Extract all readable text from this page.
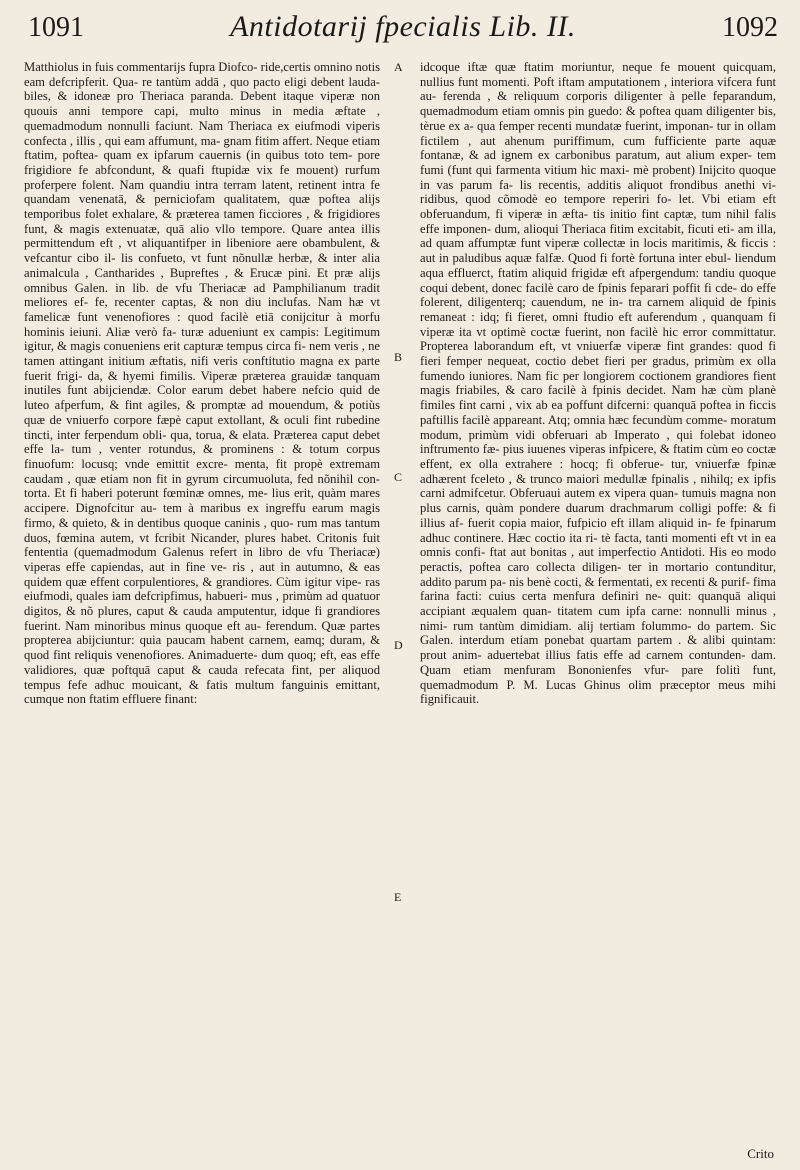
1091	Antidotarij fpecialis Lib. II.	1092

Matthiolus in fuis commentarijs fupra Diofco- ride,certis omnino notis eam defcripferit. Qua- re tantùm addā , quo pacto eligi debent lauda- biles, & idoneæ pro Theriaca paranda. Debent itaque viperæ non quouis anni tempore capi, multo minus in media æftate , quemadmodum nonnulli faciunt. Nam Theriaca ex eiufmodi viperis confecta , illis , qui eam affumunt, ma- gnam fitim affert. Neque etiam ftatim, poftea- quam ex ipfarum cauernis (in quibus toto tem- pore frigidiore fe abfcondunt, & quafi ftupidæ vix fe mouent) rurfum proferpere folent. Nam quandiu intra terram latent, retinent intra fe quandam venenatā, & perniciofam qualitatem, quæ poftea alijs temporibus folet exhalare, & præterea tamen ficciores , & frigidiores funt, & magis extenuatæ, quā alio vllo tempore. Quare antea illis permittendum eft , vt aliquantifper in libeniore aere obambulent, & vefcantur cibo il- lis confueto, vt funt nõnullæ herbæ, & inter alia animalcula , Cantharides , Bupreftes , & Erucæ pini. Et præ alijs omnibus Galen. in lib. de vfu Theriacæ ad Pamphilianum tradit meliores ef- fe, recenter captas, & non diu inclufas. Nam hæ vt famelicæ funt venenofiores : quod facilè etiā conijcitur à morfu hominis ieiuni. Aliæ verò fa- turæ adueniunt ex campis: Legitimum igitur, & magis conueniens erit capturæ tempus circa fi- nem veris , ne tamen attingant initium æftatis, nifi veris conftitutio magna ex parte fuerit frigi- da, & hyemi fimilis. Viperæ præterea grauidæ tanquam inutiles funt abijciendæ. Color earum debet habere nefcio quid de luteo afperfum, & fint agiles, & promptæ ad mouendum, & potiùs quæ de vniuerfo corpore fæpè caput extollant, & oculi fint rubedine tincti, inter ferpendum obli- qua, torua, & elata. Præterea caput debet effe la- tum , venter rotundus, & prominens : & totum corpus finuofum: locusq; vnde emittit excre- menta, fit propè extremam caudam , quæ etiam non fit in gyrum circumuoluta, fed nõnihil con- torta. Et fi haberi poterunt fœminæ omnes, me- lius erit, quàm mares accipere. Dignofcitur au- tem à maribus ex ingreffu earum magis firmo, & quieto, & in dentibus quoque caninis , quo- rum mas tantum duos, fœmina autem, vt fcribit Nicander, plures habet. Critonis fuit fententia (quemadmodum Galenus refert in libro de vfu Theriacæ) viperas effe capiendas, aut in fine ve- ris , aut in autumno, & eas quidem quæ effent corpulentiores, & grandiores. Cùm igitur vipe- ras eiufmodi, quales iam defcripfimus, habueri- mus , primùm ad quatuor digitos, & nõ plures, caput & cauda amputentur, idque fi grandiores fuerint. Nam minoribus minus quoque eft au- ferendum. Quæ partes propterea abijciuntur: quia paucam habent carnem, eamq; duram, & quod fint reliquis venenofiores. Animaduerte- dum quoq; eft, eas effe validiores, quæ poftquā caput & cauda refecata fint, per aliquod tempus fefe adhuc mouicant, & fatis multum fanguinis emittant, cumque non ftatim effluere finant:

A
B
C
D
E

idcoque iftæ quæ ftatim moriuntur, neque fe mouent quicquam, nullius funt momenti. Poft iftam amputationem , interiora vifcera funt au- ferenda , & reliquum corporis diligenter à pelle feparandum, quemadmodum etiam omnis pin guedo: & poftea quam diligenter bis, tèrue ex a- qua femper recenti mundatæ fuerint, imponan- tur in ollam fictilem , aut ahenum puriffimum, cum fufficiente parte aquæ fontanæ, & ad ignem ex carbonibus paratum, aut alium exper- tem fumi (funt qui farmenta vitium hic maxi- mè probent) Inijcito quoque in vas parum fa- lis recentis, additis aliquot frondibus anethi vi- ridibus, quod cõmodè eo tempore reperiri fo- let. Vbi etiam eft obferuandum, fi viperæ in æfta- tis initio fint captæ, tum nihil falis effe imponen- dum, alioqui Theriaca fitim excitabit, ficuti eti- am illa, ad quam affumptæ funt viperæ collectæ in locis maritimis, & ficcis : aut in paludibus aquæ falfæ. Quod fi fortè fortuna inter ebul- liendum aqua effluerct, ftatim aliquid frigidæ eft afpergendum: tandiu quoque coqui debent, donec facilè caro de fpinis feparari poffit fi cde- do effe folerent, diligenterq; cauendum, ne in- tra carnem aliquid de fpinis remaneat : idq; fi fieret, omni ftudio eft auferendum , quanquam fi viperæ ita vt optimè coctæ fuerint, non facilè hic error committatur. Propterea laborandum eft, vt vniuerfæ viperæ fint grandes: quod fi fieri femper nequeat, coctio debet fieri per gradus, primùm ex olla fumendo iuniores. Nam fic per longiorem coctionem grandiores fient magis friabiles, & caro facilè à fpinis decidet. Nam hæ cùm planè fimiles fint carni , vix ab ea poffunt difcerni: quanquā poftea in ficcis paftillis facilè appareant. Atq; omnia hæc fecundùm comme- moratum modum, primùm vidi obferuari ab Imperato , qui folebat idoneo inftrumento fæ- pius iuuenes viperas infpicere, & ftatim cùm eo coctæ effent, ex olla extrahere : hocq; fi obferue- tur, vniuerfæ fpinæ adhærent fceleto , & trunco maiori medullæ fpinalis , nihilq; ex ipfis carni admifcetur. Obferuaui autem ex vipera quan- tumuis magna non plus carnis, quàm pondere duarum drachmarum colligi poffe: & fi illius af- fuerit copia maior, fufpicio eft illam aliquid in- fe fpinarum adhuc continere. Hæc coctio ita ri- tè facta, tanti momenti eft vt in ea omnis confi- ftat aut bonitas , aut imperfectio Antidoti. His eo modo peractis, poftea caro collecta diligen- ter in mortario contunditur, addito parum pa- nis benè cocti, & fermentati, ex recenti & purif- fima farina facti: cuius certa menfura definiri ne- quit: quanquā aliqui accipiant æqualem quan- titatem cum ipfa carne: nonnulli minus , nimi- rum tantùm dimidiam. alij tertiam folummo- do partem. Sic Galen. interdum etiam ponebat quartam partem . & alibi quintam: prout anim- aduertebat illius fatis effe ad carnem contunden- dam. Quam etiam menfuram Bononienfes vfur- pare folitì funt, quemadmodum P. M. Lucas Ghinus olim præceptor meus mihi fignificauit.

Crito
